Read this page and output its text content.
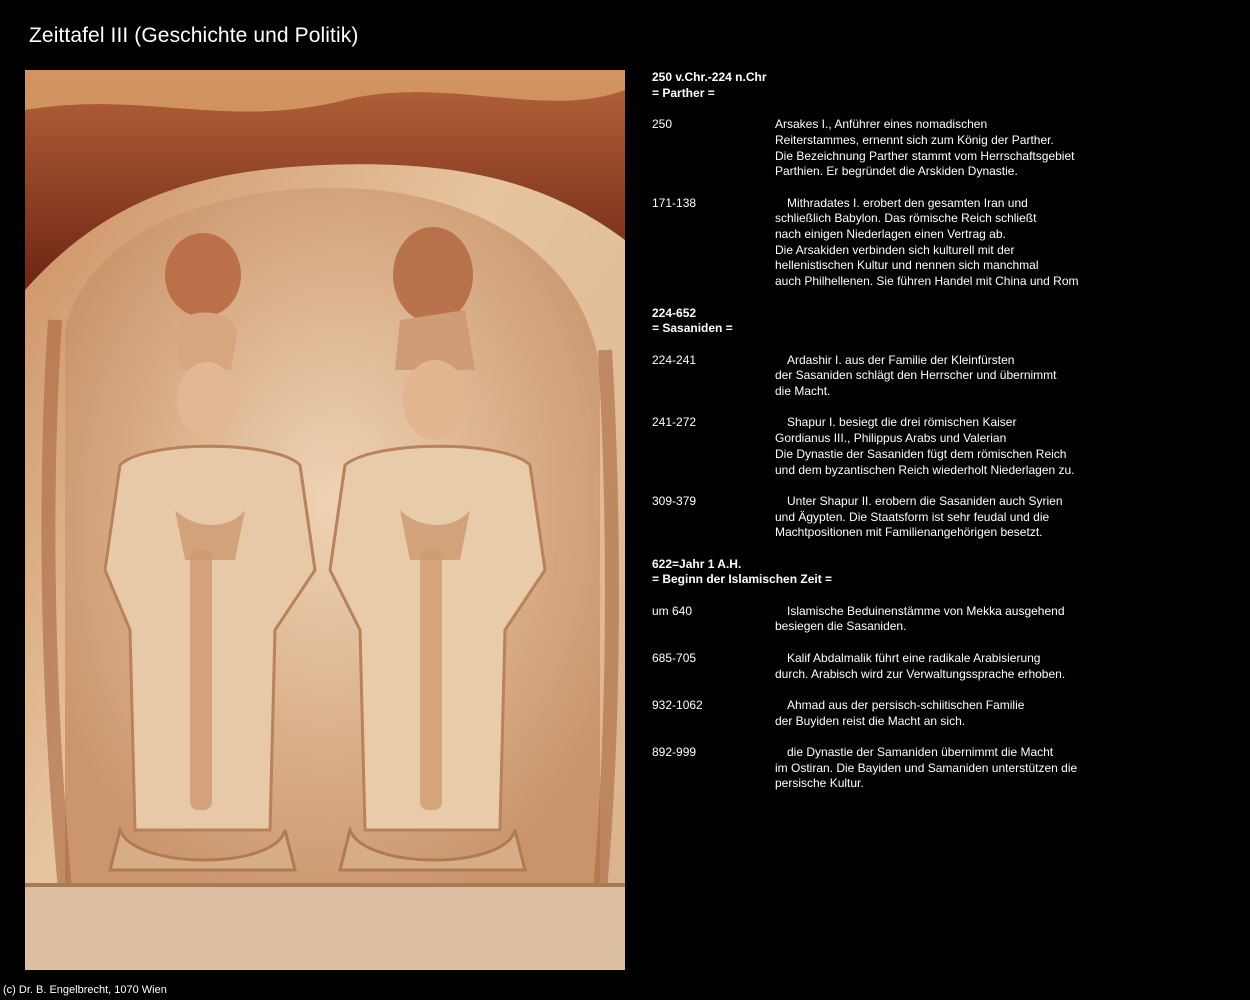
Zeittafel III (Geschichte und Politik)
250 v.Chr.-224 n.Chr
= Parther =
250	Arsakes I., Anführer eines nomadischen
Reiterstammes, ernennt sich zum König der Parther.
Die Bezeichnung Parther stammt vom Herrschaftsgebiet
Parthien. Er begründet die Arskiden Dynastie.
171-138	Mithradates I. erobert den gesamten Iran und
schließlich Babylon. Das römische Reich schließt
nach einigen Niederlagen einen Vertrag ab.
Die Arsakiden verbinden sich kulturell mit der
hellenistischen Kultur und nennen sich manchmal
auch Philhellenen. Sie führen Handel mit China und Rom
224-652
= Sasaniden =
224-241	Ardashir I. aus der Familie der Kleinfürsten
der Sasaniden schlägt den Herrscher und übernimmt
die Macht.
241-272	Shapur I. besiegt die drei römischen Kaiser
Gordianus III., Philippus Arabs und Valerian
Die Dynastie der Sasaniden fügt dem römischen Reich
und dem byzantischen Reich wiederholt Niederlagen zu.
309-379	Unter Shapur II. erobern die Sasaniden auch Syrien
und Ägypten. Die Staatsform ist sehr feudal und die
Machtpositionen mit Familienangehörigen besetzt.
622=Jahr 1 A.H.
= Beginn der Islamischen Zeit =
um 640	Islamische Beduinenstämme von Mekka ausgehend
besiegen die Sasaniden.
685-705	Kalif Abdalmalik führt eine radikale Arabisierung
durch. Arabisch wird zur Verwaltungssprache erhoben.
932-1062	Ahmad aus der persisch-schiitischen Familie
der Buyiden reist die Macht an sich.
892-999	die Dynastie der Samaniden übernimmt die Macht
im Ostiran. Die Bayiden und Samaniden unterstützen die
persische Kultur.
(c) Dr. B. Engelbrecht, 1070 Wien
